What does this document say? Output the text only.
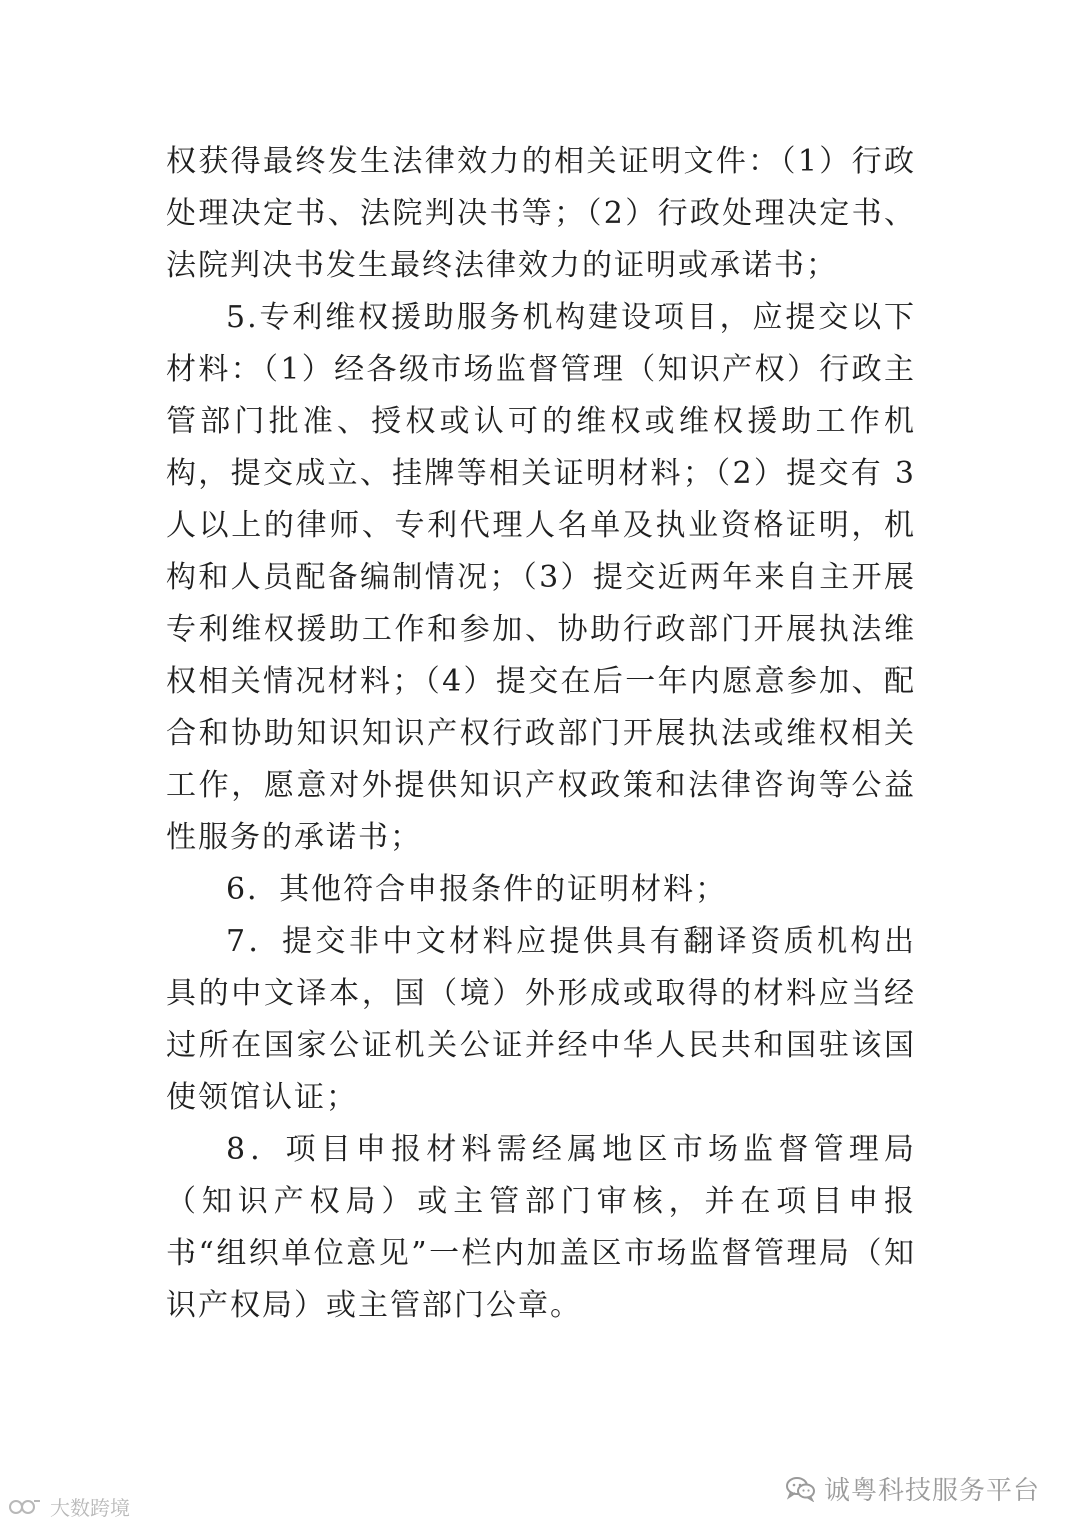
权获得最终发生法律效力的相关证明文件：（1）行政处理决定书、法院判决书等；（2）行政处理决定书、法院判决书发生最终法律效力的证明或承诺书；

5.专利维权援助服务机构建设项目，应提交以下材料：（1）经各级市场监督管理（知识产权）行政主管部门批准、授权或认可的维权或维权援助工作机构，提交成立、挂牌等相关证明材料；（2）提交有 3 人以上的律师、专利代理人名单及执业资格证明，机构和人员配备编制情况；（3）提交近两年来自主开展专利维权援助工作和参加、协助行政部门开展执法维权相关情况材料；（4）提交在后一年内愿意参加、配合和协助知识知识产权行政部门开展执法或维权相关工作，愿意对外提供知识产权政策和法律咨询等公益性服务的承诺书；

6．其他符合申报条件的证明材料；

7．提交非中文材料应提供具有翻译资质机构出具的中文译本，国（境）外形成或取得的材料应当经过所在国家公证机关公证并经中华人民共和国驻该国使领馆认证；

8．项目申报材料需经属地区市场监督管理局（知识产权局）或主管部门审核，并在项目申报书“组织单位意见”一栏内加盖区市场监督管理局（知识产权局）或主管部门公章。

诚粤科技服务平台
大数跨境
